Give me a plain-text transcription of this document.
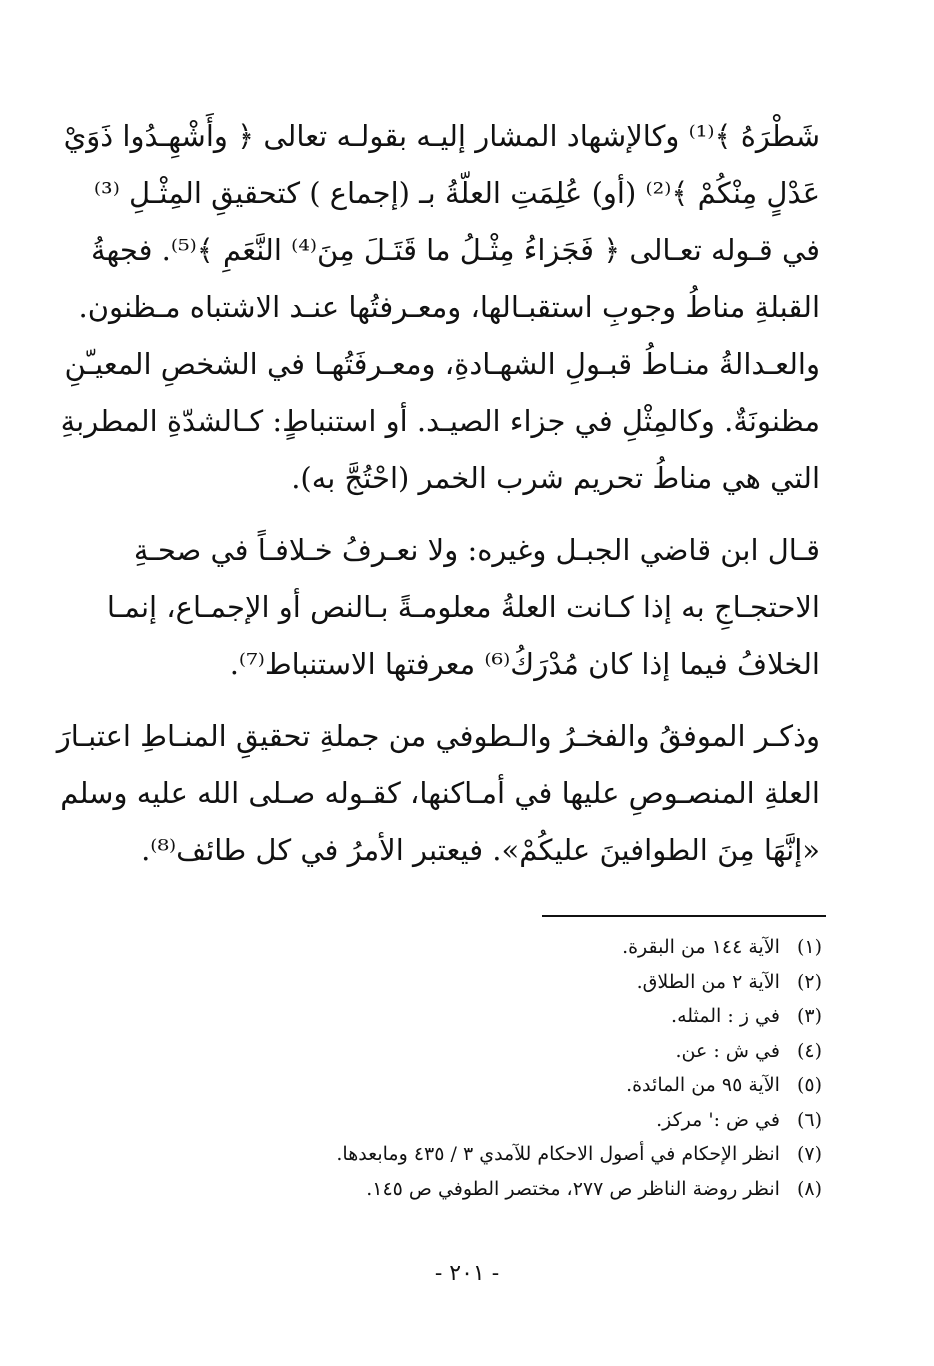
شَطْرَهُ ﴾⁽¹⁾ وكالإشهاد المشار إليـه بقولـه تعالى ﴿ وأَشْهِـدُوا ذَوَيْ
عَدْلٍ مِنْكُمْ ﴾⁽²⁾ (أو) عُلِمَتِ العلّةُ بـ (إجماع ) كتحقيقِ المِثْـلِ ⁽³⁾
في قـوله تعـالى ﴿ فَجَزاءُ مِثْـلُ ما قَتَـلَ مِنَ⁽⁴⁾ النَّعَمِ ﴾⁽⁵⁾. فجهةُ
القبلةِ مناطُ وجوبِ استقبـالها، ومعـرفتُها عنـد الاشتباه مـظنون.
والعـدالةُ منـاطُ قبـولِ الشهـادةِ، ومعـرفَتُهـا في الشخصِ المعيـّنِ
مظنونَةٌ. وكالمِثْلِ في جزاء الصيـد. أو استنباطٍ: كـالشدّةِ المطربةِ
التي هي مناطُ تحريم شرب الخمر (احْتُجَّ به).
قـال ابن قاضي الجبـل وغيره: ولا نعـرفُ خـلافـاً في صحـةِ
الاحتجـاجِ به إذا كـانت العلةُ معلومـةً بـالنص أو الإجمـاع، إنمـا
الخلافُ فيما إذا كان مُدْرَكُ⁽⁶⁾ معرفتها الاستنباط⁽⁷⁾.
وذكـر الموفقُ والفخـرُ والـطوفي من جملةِ تحقيقِ المنـاطِ اعتبـارَ
العلةِ المنصـوصِ عليها في أمـاكنها، كقـوله صـلى الله عليه وسلم
«إنَّهَا مِنَ الطوافينَ عليكُمْ». فيعتبر الأمرُ في كل طائف⁽⁸⁾.
(١) الآية ١٤٤ من البقرة.
(٢) الآية ٢ من الطلاق.
(٣) في ز : المثله.
(٤) في ش : عن.
(٥) الآية ٩٥ من المائدة.
(٦) في ض :' مركز.
(٧) انظر الإحكام في أصول الاحكام للآمدي ٣ / ٤٣٥ ومابعدها.
(٨) انظر روضة الناظر ص ٢٧٧، مختصر الطوفي ص ١٤٥.
- ٢٠١ -
